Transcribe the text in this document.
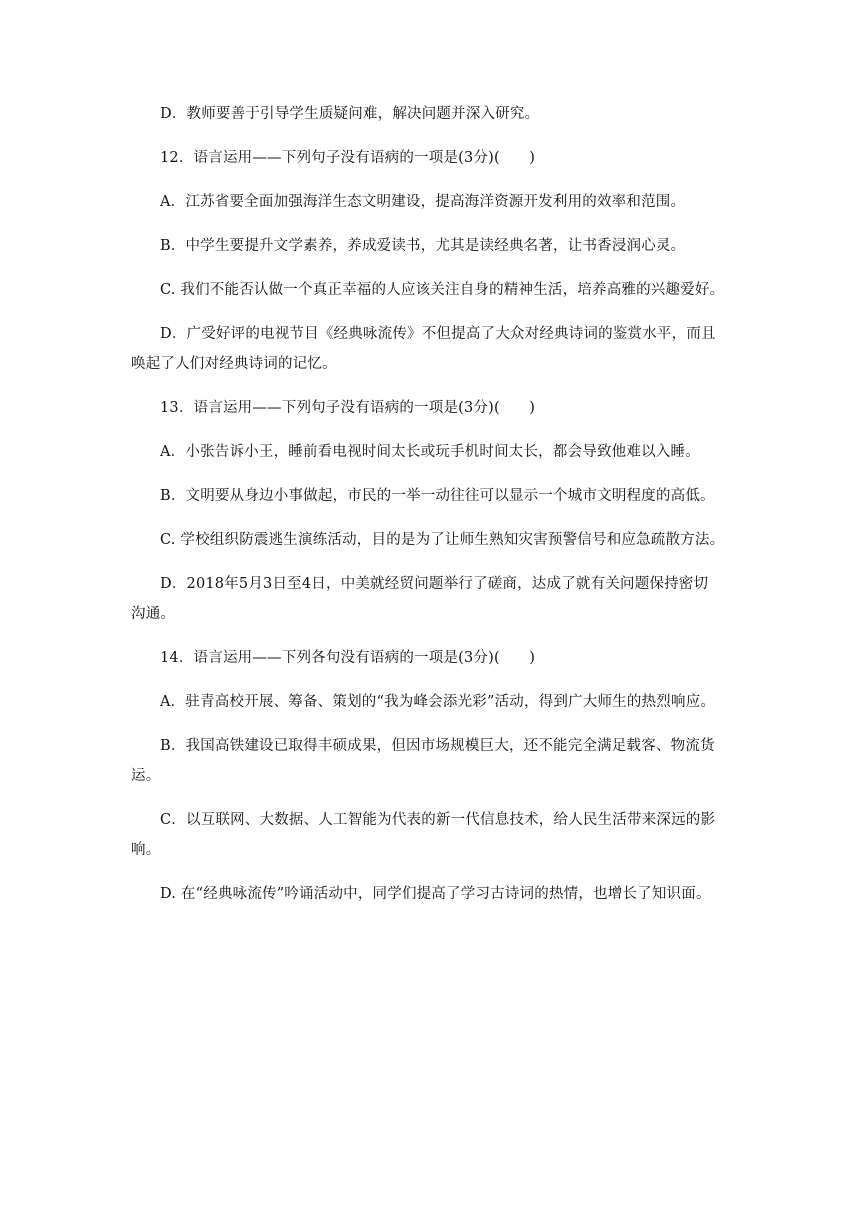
D．教师要善于引导学生质疑问难，解决问题并深入研究。
12．语言运用——下列句子没有语病的一项是(3分)(　　)
A．江苏省要全面加强海洋生态文明建设，提高海洋资源开发利用的效率和范围。
B．中学生要提升文学素养，养成爱读书，尤其是读经典名著，让书香浸润心灵。
C. 我们不能否认做一个真正幸福的人应该关注自身的精神生活，培养高雅的兴趣爱好。
D．广受好评的电视节目《经典咏流传》不但提高了大众对经典诗词的鉴赏水平，而且
唤起了人们对经典诗词的记忆。
13．语言运用——下列句子没有语病的一项是(3分)(　　)
A．小张告诉小王，睡前看电视时间太长或玩手机时间太长，都会导致他难以入睡。
B．文明要从身边小事做起，市民的一举一动往往可以显示一个城市文明程度的高低。
C. 学校组织防震逃生演练活动，目的是为了让师生熟知灾害预警信号和应急疏散方法。
D．2018年5月3日至4日，中美就经贸问题举行了磋商，达成了就有关问题保持密切
沟通。
14．语言运用——下列各句没有语病的一项是(3分)(　　)
A．驻青高校开展、筹备、策划的“我为峰会添光彩”活动，得到广大师生的热烈响应。
B．我国高铁建设已取得丰硕成果，但因市场规模巨大，还不能完全满足载客、物流货
运。
C．以互联网、大数据、人工智能为代表的新一代信息技术，给人民生活带来深远的影
响。
D. 在“经典咏流传”吟诵活动中，同学们提高了学习古诗词的热情，也增长了知识面。
